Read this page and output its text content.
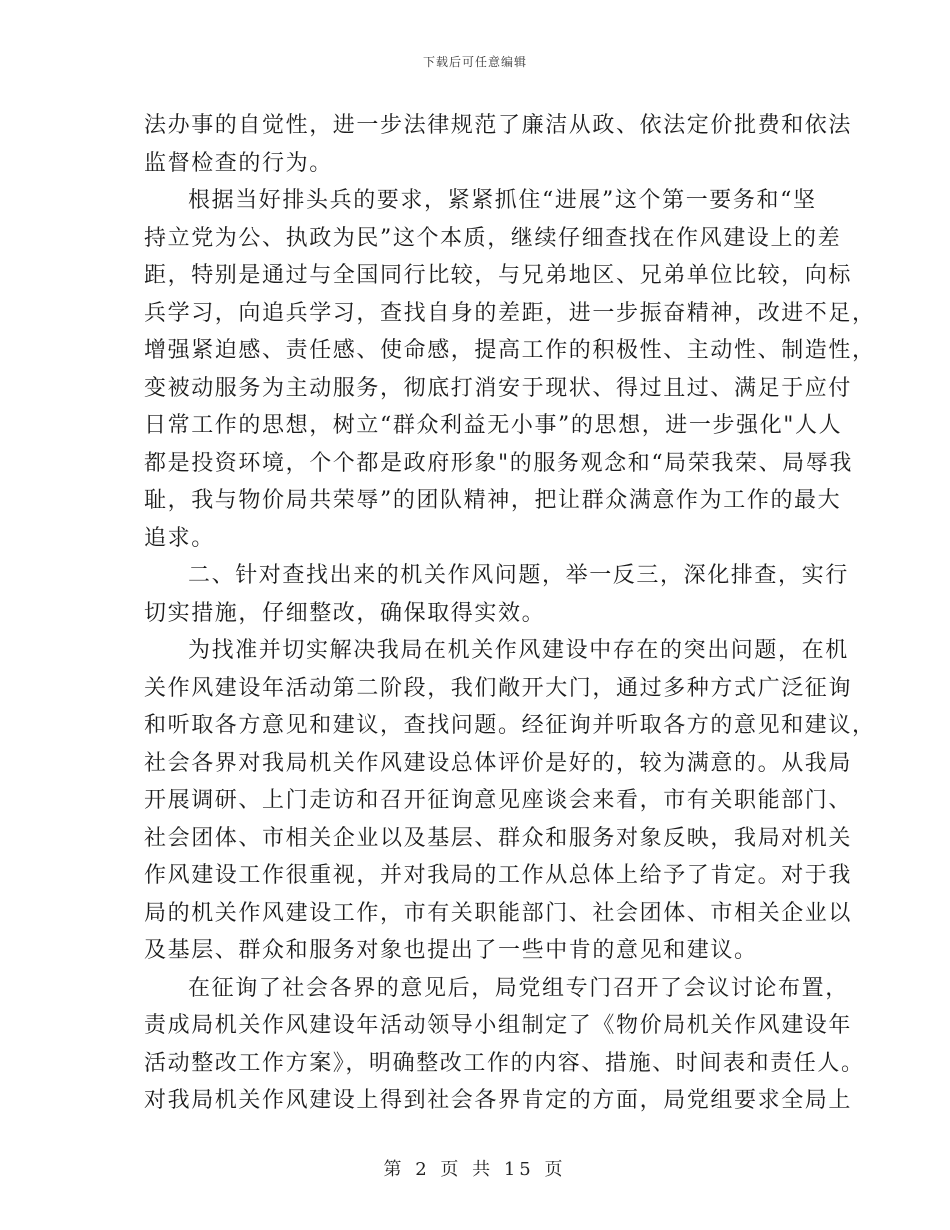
下载后可任意编辑

法办事的自觉性，进一步法律规范了廉洁从政、依法定价批费和依法
监督检查的行为。

根据当好排头兵的要求，紧紧抓住“进展”这个第一要务和“坚
持立党为公、执政为民”这个本质，继续仔细查找在作风建设上的差
距，特别是通过与全国同行比较，与兄弟地区、兄弟单位比较，向标
兵学习，向追兵学习，查找自身的差距，进一步振奋精神，改进不足，
增强紧迫感、责任感、使命感，提高工作的积极性、主动性、制造性，
变被动服务为主动服务，彻底打消安于现状、得过且过、满足于应付
日常工作的思想，树立“群众利益无小事”的思想，进一步强化"人人
都是投资环境，个个都是政府形象"的服务观念和“局荣我荣、局辱我
耻，我与物价局共荣辱”的团队精神，把让群众满意作为工作的最大
追求。

二、针对查找出来的机关作风问题，举一反三，深化排查，实行
切实措施，仔细整改，确保取得实效。

为找准并切实解决我局在机关作风建设中存在的突出问题，在机
关作风建设年活动第二阶段，我们敞开大门，通过多种方式广泛征询
和听取各方意见和建议，查找问题。经征询并听取各方的意见和建议，
社会各界对我局机关作风建设总体评价是好的，较为满意的。从我局
开展调研、上门走访和召开征询意见座谈会来看，市有关职能部门、
社会团体、市相关企业以及基层、群众和服务对象反映，我局对机关
作风建设工作很重视，并对我局的工作从总体上给予了肯定。对于我
局的机关作风建设工作，市有关职能部门、社会团体、市相关企业以
及基层、群众和服务对象也提出了一些中肯的意见和建议。

在征询了社会各界的意见后，局党组专门召开了会议讨论布置，
责成局机关作风建设年活动领导小组制定了《物价局机关作风建设年
活动整改工作方案》，明确整改工作的内容、措施、时间表和责任人。
对我局机关作风建设上得到社会各界肯定的方面，局党组要求全局上

第 2 页 共 15 页
